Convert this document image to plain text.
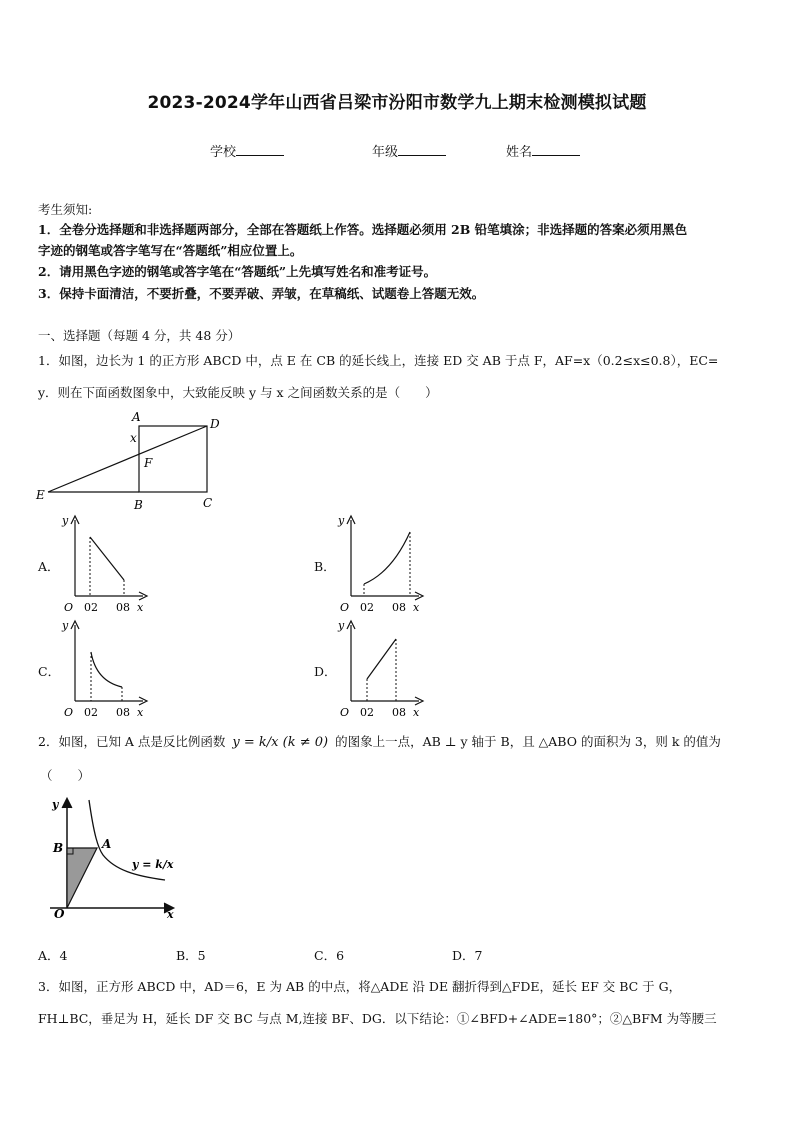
2023-2024学年山西省吕梁市汾阳市数学九上期末检测模拟试题
学校	年级	姓名
考生须知:
1．全卷分选择题和非选择题两部分，全部在答题纸上作答。选择题必须用 2B 铅笔填涂；非选择题的答案必须用黑色
字迹的钢笔或答字笔写在“答题纸”相应位置上。
2．请用黑色字迹的钢笔或答字笔在“答题纸”上先填写姓名和准考证号。
3．保持卡面清洁，不要折叠，不要弄破、弄皱，在草稿纸、试题卷上答题无效。
一、选择题（每题 4 分，共 48 分）
1．如图，边长为 1 的正方形 ABCD 中，点 E 在 CB 的延长线上，连接 ED 交 AB 于点 F，AF=x（0.2≤x≤0.8），EC=
y．则在下面函数图象中，大致能反映 y 与 x 之间函数关系的是（　　）
A	D
x
F
E
B	C
A．	B．
C．	D．
y
O 02 08 x
y
O 02 08 x
y
O 02 08 x
y
O 02 08 x
2．如图，已知 A 点是反比例函数 y = k/x (k ≠ 0) 的图象上一点，AB ⊥ y 轴于 B，且 △ABO 的面积为 3，则 k 的值为
（　　）
y
x
B	A
O
y = k/x
A．4	B．5	C．6	D．7
3．如图，正方形 ABCD 中，AD＝6，E 为 AB 的中点，将△ADE 沿 DE 翻折得到△FDE，延长 EF 交 BC 于 G，
FH⊥BC，垂足为 H，延长 DF 交 BC 与点 M,连接 BF、DG．以下结论：①∠BFD+∠ADE=180°；②△BFM 为等腰三
